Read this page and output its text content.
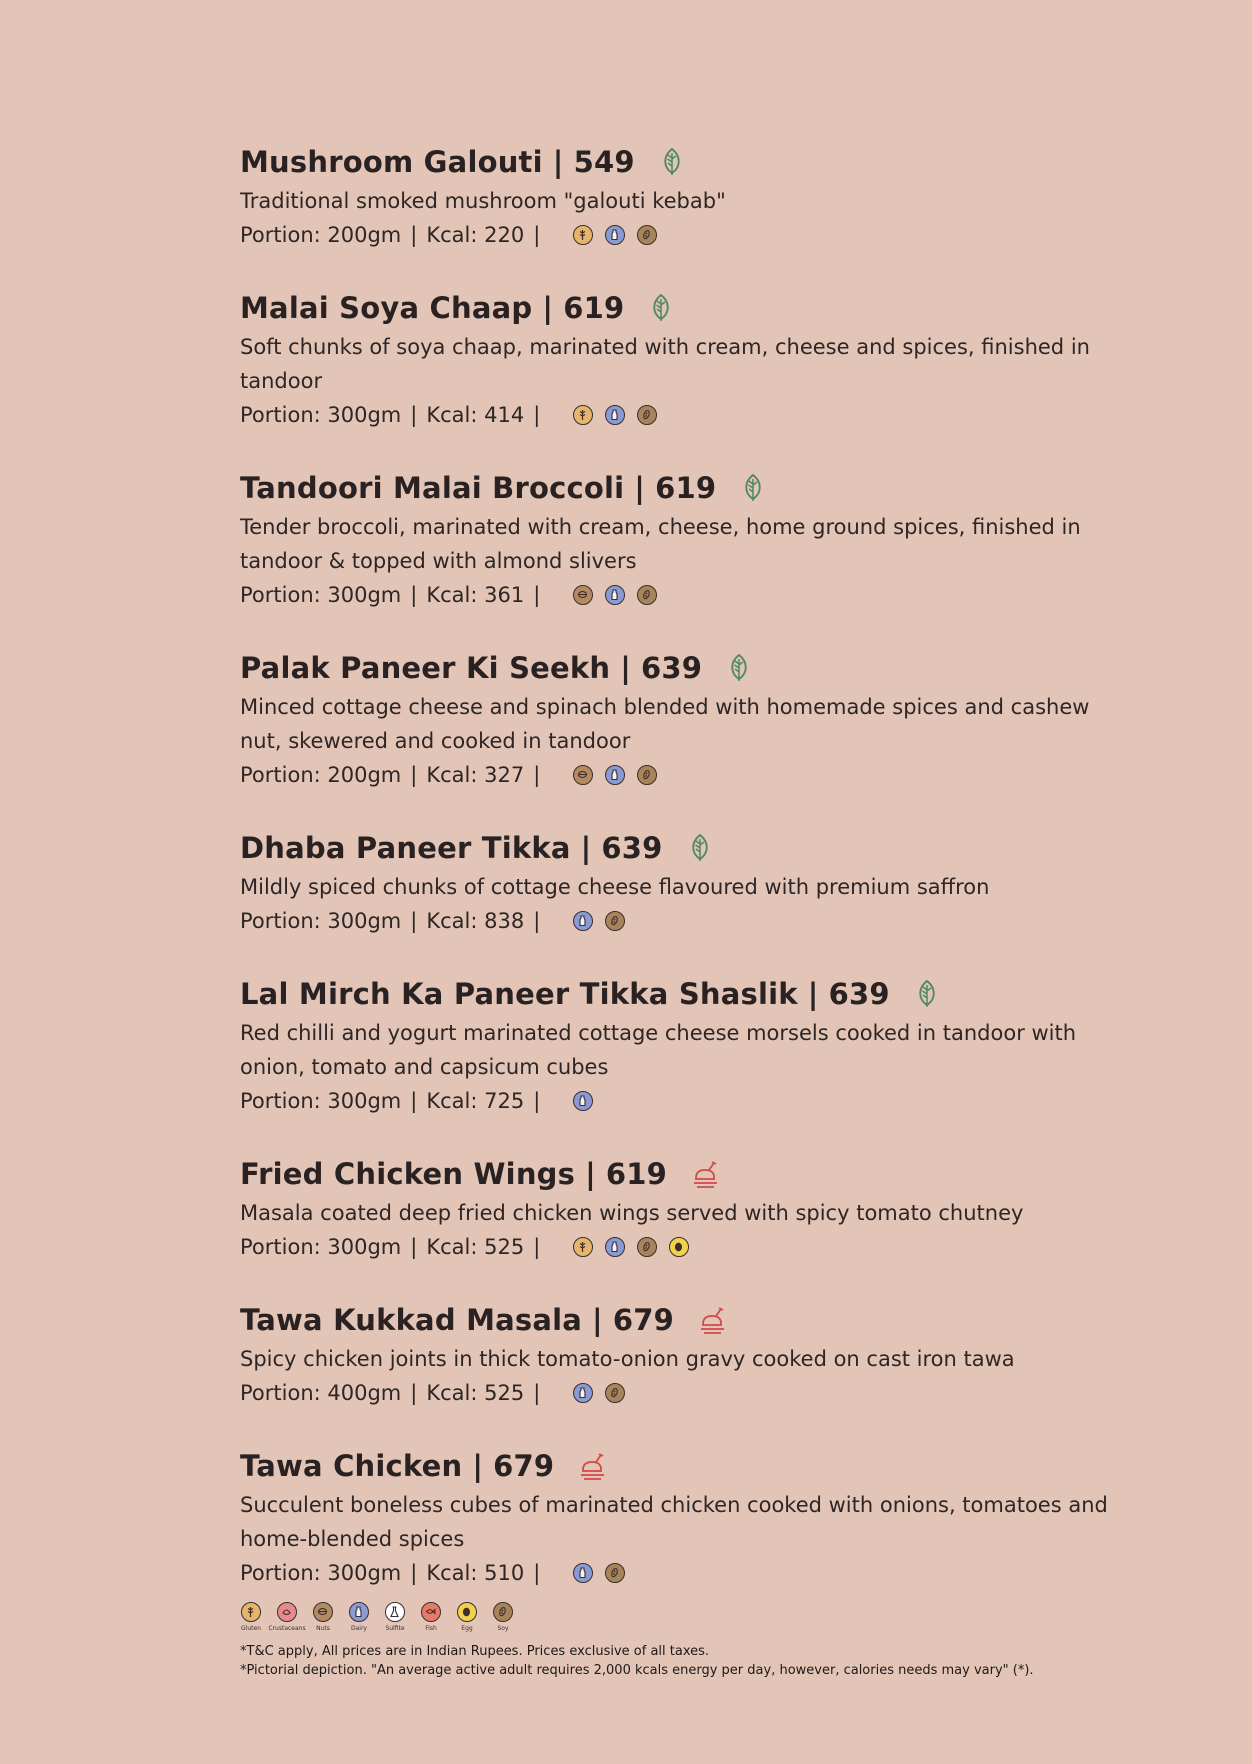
Mushroom Galouti | 549
Traditional smoked mushroom "galouti kebab"
Portion: 200gm | Kcal: 220 |
Malai Soya Chaap | 619
Soft chunks of soya chaap, marinated with cream, cheese and spices, finished in tandoor
Portion: 300gm | Kcal: 414 |
Tandoori Malai Broccoli | 619
Tender broccoli, marinated with cream, cheese, home ground spices, finished in tandoor & topped with almond slivers
Portion: 300gm | Kcal: 361 |
Palak Paneer Ki Seekh | 639
Minced cottage cheese and spinach blended with homemade spices and cashew nut, skewered and cooked in tandoor
Portion: 200gm | Kcal: 327 |
Dhaba Paneer Tikka | 639
Mildly spiced chunks of cottage cheese flavoured with premium saffron
Portion: 300gm | Kcal: 838 |
Lal Mirch Ka Paneer Tikka Shaslik | 639
Red chilli and yogurt marinated cottage cheese morsels cooked in tandoor with onion, tomato and capsicum cubes
Portion: 300gm | Kcal: 725 |
Fried Chicken Wings | 619
Masala coated deep fried chicken wings served with spicy tomato chutney
Portion: 300gm | Kcal: 525 |
Tawa Kukkad Masala | 679
Spicy chicken joints in thick tomato-onion gravy cooked on cast iron tawa
Portion: 400gm | Kcal: 525 |
Tawa Chicken | 679
Succulent boneless cubes of marinated chicken cooked with onions, tomatoes and home-blended spices
Portion: 300gm | Kcal: 510 |
Gluten Crustaceans Nuts	Dairy	Sulfite	Fish	Egg	Soy
*T&C apply, All prices are in Indian Rupees. Prices exclusive of all taxes.
*Pictorial depiction. "An average active adult requires 2,000 kcals energy per day, however, calories needs may vary" (*).
